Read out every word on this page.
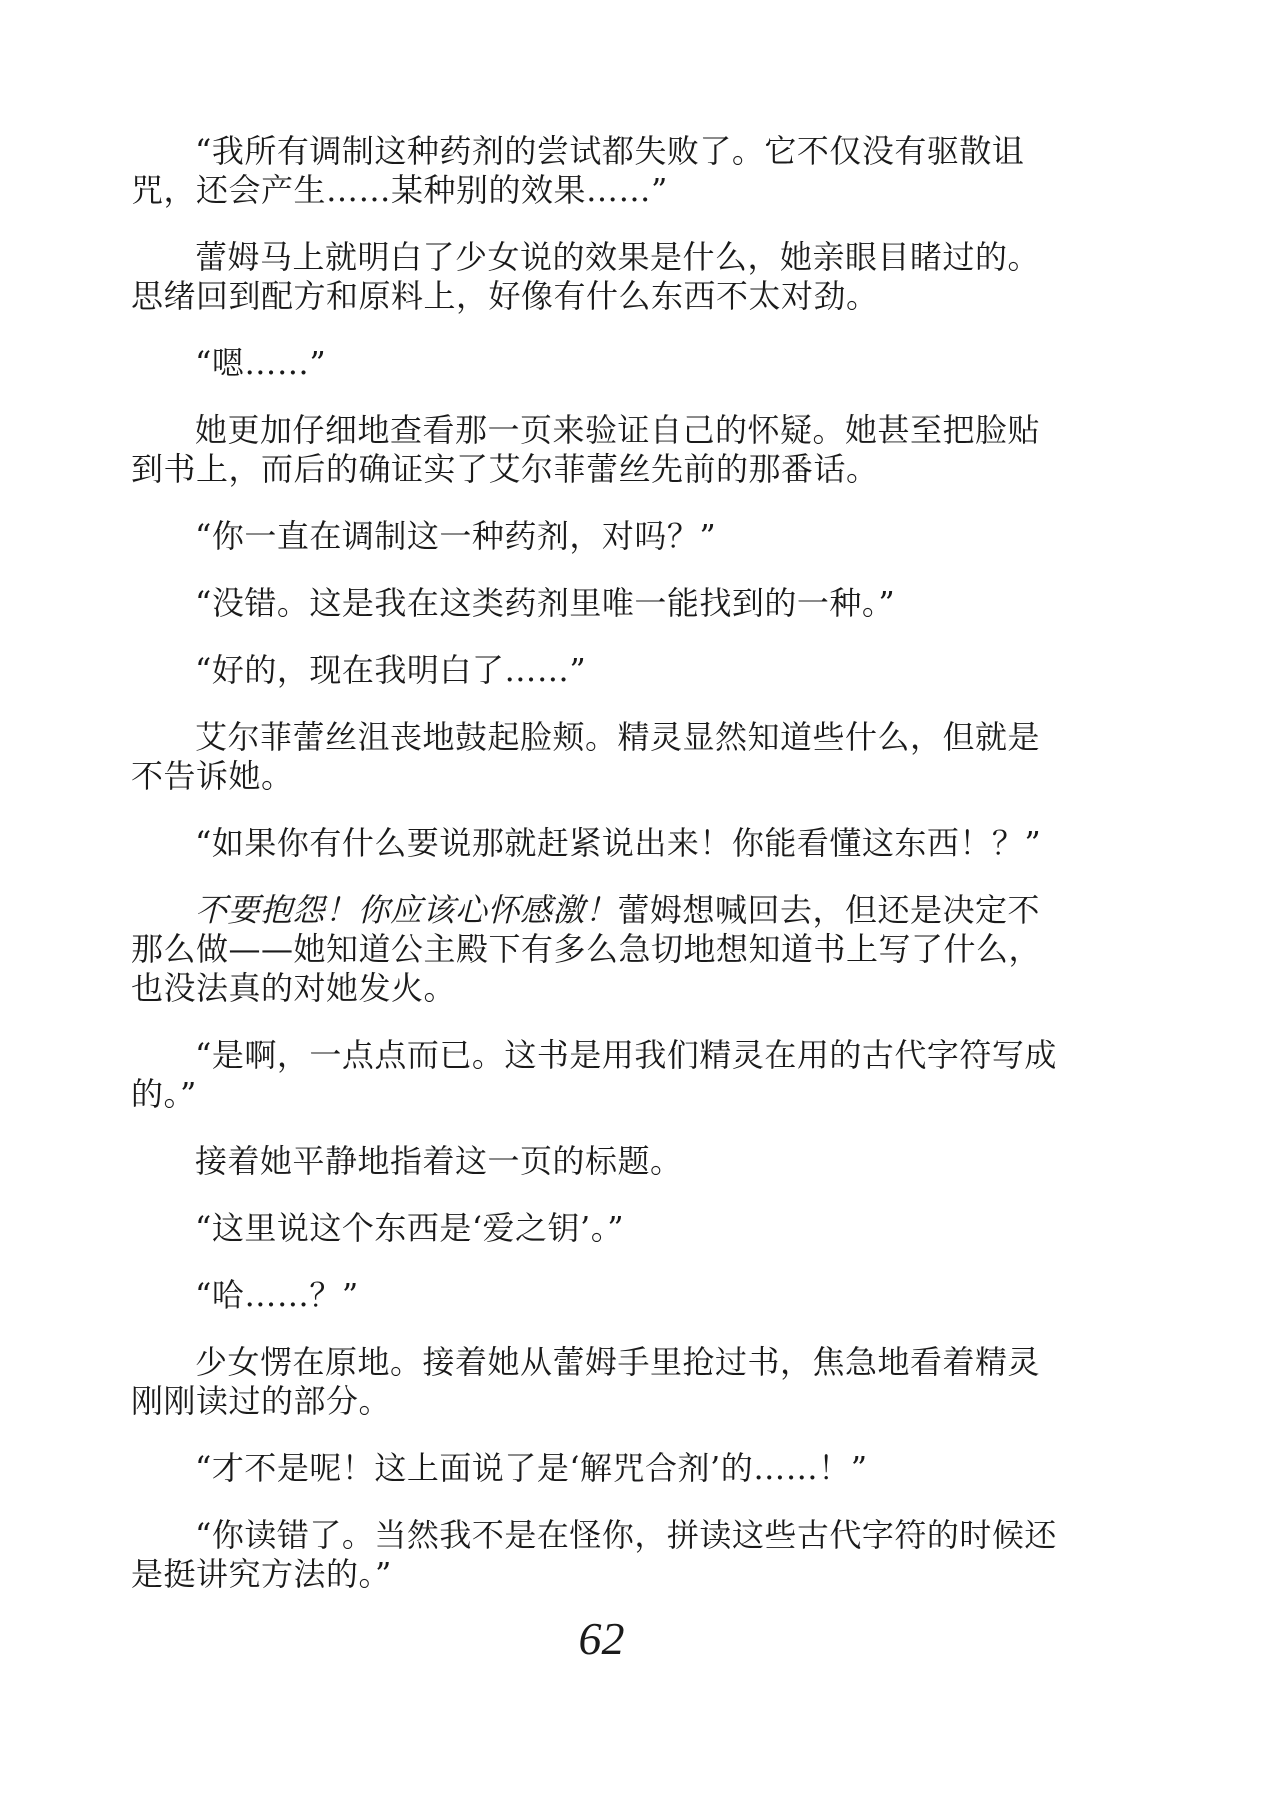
“我所有调制这种药剂的尝试都失败了。它不仅没有驱散诅咒，还会产生……某种别的效果……”

蕾姆马上就明白了少女说的效果是什么，她亲眼目睹过的。思绪回到配方和原料上，好像有什么东西不太对劲。

“嗯……”

她更加仔细地查看那一页来验证自己的怀疑。她甚至把脸贴到书上，而后的确证实了艾尔菲蕾丝先前的那番话。

“你一直在调制这一种药剂，对吗？”

“没错。这是我在这类药剂里唯一能找到的一种。”

“好的，现在我明白了……”

艾尔菲蕾丝沮丧地鼓起脸颊。精灵显然知道些什么，但就是不告诉她。

“如果你有什么要说那就赶紧说出来！你能看懂这东西！？”

不要抱怨！你应该心怀感激！蕾姆想喊回去，但还是决定不那么做——她知道公主殿下有多么急切地想知道书上写了什么，也没法真的对她发火。

“是啊，一点点而已。这书是用我们精灵在用的古代字符写成的。”

接着她平静地指着这一页的标题。

“这里说这个东西是‘爱之钥’。”

“哈……？”

少女愣在原地。接着她从蕾姆手里抢过书，焦急地看着精灵刚刚读过的部分。

“才不是呢！这上面说了是‘解咒合剂’的……！”

“你读错了。当然我不是在怪你，拼读这些古代字符的时候还是挺讲究方法的。”

62
